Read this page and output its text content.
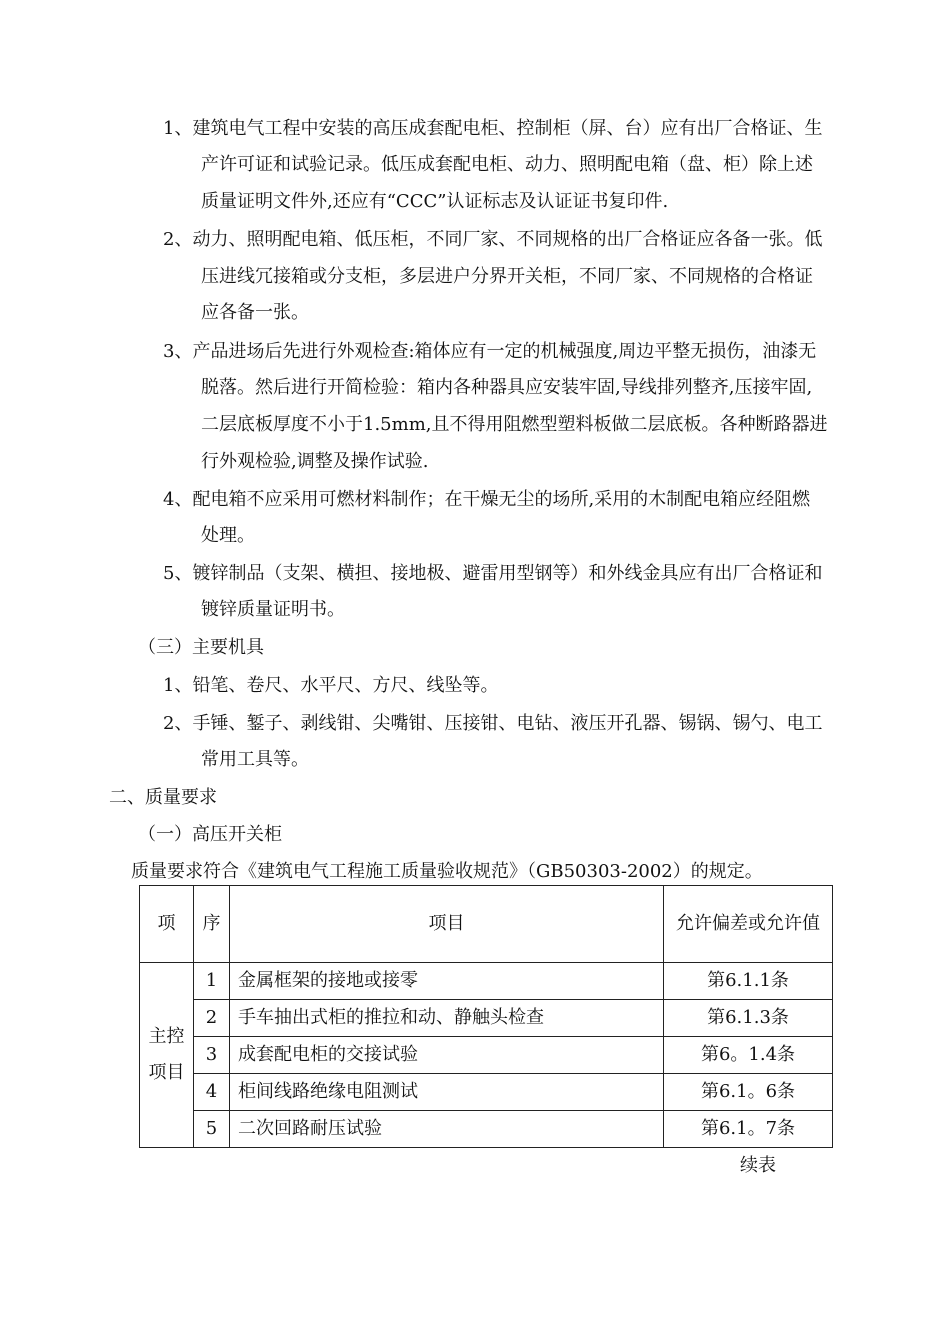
1、建筑电气工程中安装的高压成套配电柜、控制柜（屏、台）应有出厂合格证、生
产许可证和试验记录。低压成套配电柜、动力、照明配电箱（盘、柜）除上述
质量证明文件外,还应有“CCC”认证标志及认证证书复印件.
2、动力、照明配电箱、低压柜，不同厂家、不同规格的出厂合格证应各备一张。低
压进线冗接箱或分支柜，多层进户分界开关柜，不同厂家、不同规格的合格证
应各备一张。
3、产品进场后先进行外观检查:箱体应有一定的机械强度,周边平整无损伤，油漆无
脱落。然后进行开简检验：箱内各种器具应安装牢固,导线排列整齐,压接牢固,
二层底板厚度不小于1.5mm,且不得用阻燃型塑料板做二层底板。各种断路器进
行外观检验,调整及操作试验.
4、配电箱不应采用可燃材料制作；在干燥无尘的场所,采用的木制配电箱应经阻燃
处理。
5、镀锌制品（支架、横担、接地极、避雷用型钢等）和外线金具应有出厂合格证和
镀锌质量证明书。
（三）主要机具
1、铅笔、卷尺、水平尺、方尺、线坠等。
2、手锤、錾子、剥线钳、尖嘴钳、压接钳、电钻、液压开孔器、锡锅、锡勺、电工
常用工具等。
二、质量要求
（一）高压开关柜
质量要求符合《建筑电气工程施工质量验收规范》（GB50303-2002）的规定。
项	序	项目	允许偏差或允许值
主控项目	1	金属框架的接地或接零	第6.1.1条
	2	手车抽出式柜的推拉和动、静触头检查	第6.1.3条
	3	成套配电柜的交接试验	第6。1.4条
	4	柜间线路绝缘电阻测试	第6.1。6条
	5	二次回路耐压试验	第6.1。7条
续表
